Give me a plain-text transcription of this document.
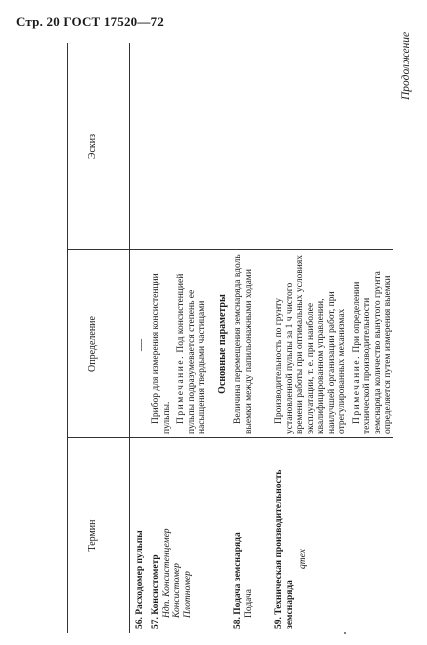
Стр. 20 ГОСТ 17520—72
Продолжение
Термин
Определение
Эскиз
56. Расходомер пульпы
—
57. Консистометр Ндп. Консистенцемер Консистомер Плотномер
Прибор для измерения консистенции пульпы. Примечание. Под консистенцией пульпы подразумевается степень ее насыщения твердыми частицами Основные параметры
58. Подача земснаряда Подача
Величина перемещения земснаряда вдоль выемки между папильонажными ходами
59. Техническая производительность земснаряда
qтех
Производительность по грунту установленной пульпы за 1 ч чистого времени работы при оптимальных условиях эксплуатации, т. е. при наиболее квалифицированном управлении, наилучшей организации работ, при отрегулированных механизмах Примечание. При определении технической производительности земснаряда количество вынутого грунта определяется путем измерения выемки
